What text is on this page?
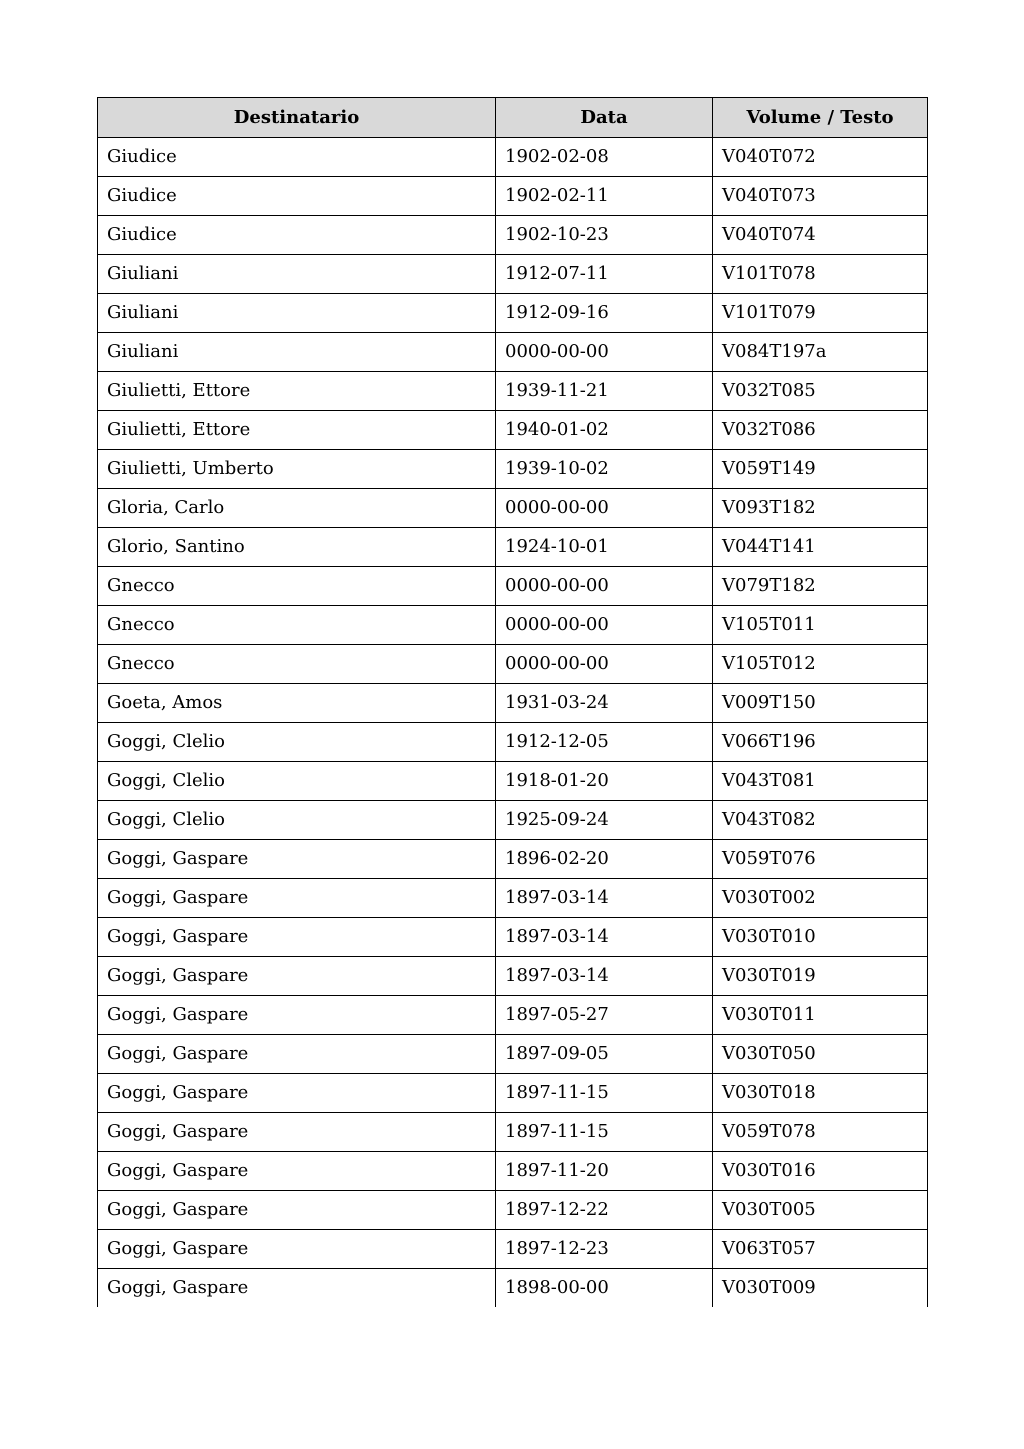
Destinatario	Data	Volume / Testo
Giudice	1902-02-08	V040T072
Giudice	1902-02-11	V040T073
Giudice	1902-10-23	V040T074
Giuliani	1912-07-11	V101T078
Giuliani	1912-09-16	V101T079
Giuliani	0000-00-00	V084T197a
Giulietti, Ettore	1939-11-21	V032T085
Giulietti, Ettore	1940-01-02	V032T086
Giulietti, Umberto	1939-10-02	V059T149
Gloria, Carlo	0000-00-00	V093T182
Glorio, Santino	1924-10-01	V044T141
Gnecco	0000-00-00	V079T182
Gnecco	0000-00-00	V105T011
Gnecco	0000-00-00	V105T012
Goeta, Amos	1931-03-24	V009T150
Goggi, Clelio	1912-12-05	V066T196
Goggi, Clelio	1918-01-20	V043T081
Goggi, Clelio	1925-09-24	V043T082
Goggi, Gaspare	1896-02-20	V059T076
Goggi, Gaspare	1897-03-14	V030T002
Goggi, Gaspare	1897-03-14	V030T010
Goggi, Gaspare	1897-03-14	V030T019
Goggi, Gaspare	1897-05-27	V030T011
Goggi, Gaspare	1897-09-05	V030T050
Goggi, Gaspare	1897-11-15	V030T018
Goggi, Gaspare	1897-11-15	V059T078
Goggi, Gaspare	1897-11-20	V030T016
Goggi, Gaspare	1897-12-22	V030T005
Goggi, Gaspare	1897-12-23	V063T057
Goggi, Gaspare	1898-00-00	V030T009
